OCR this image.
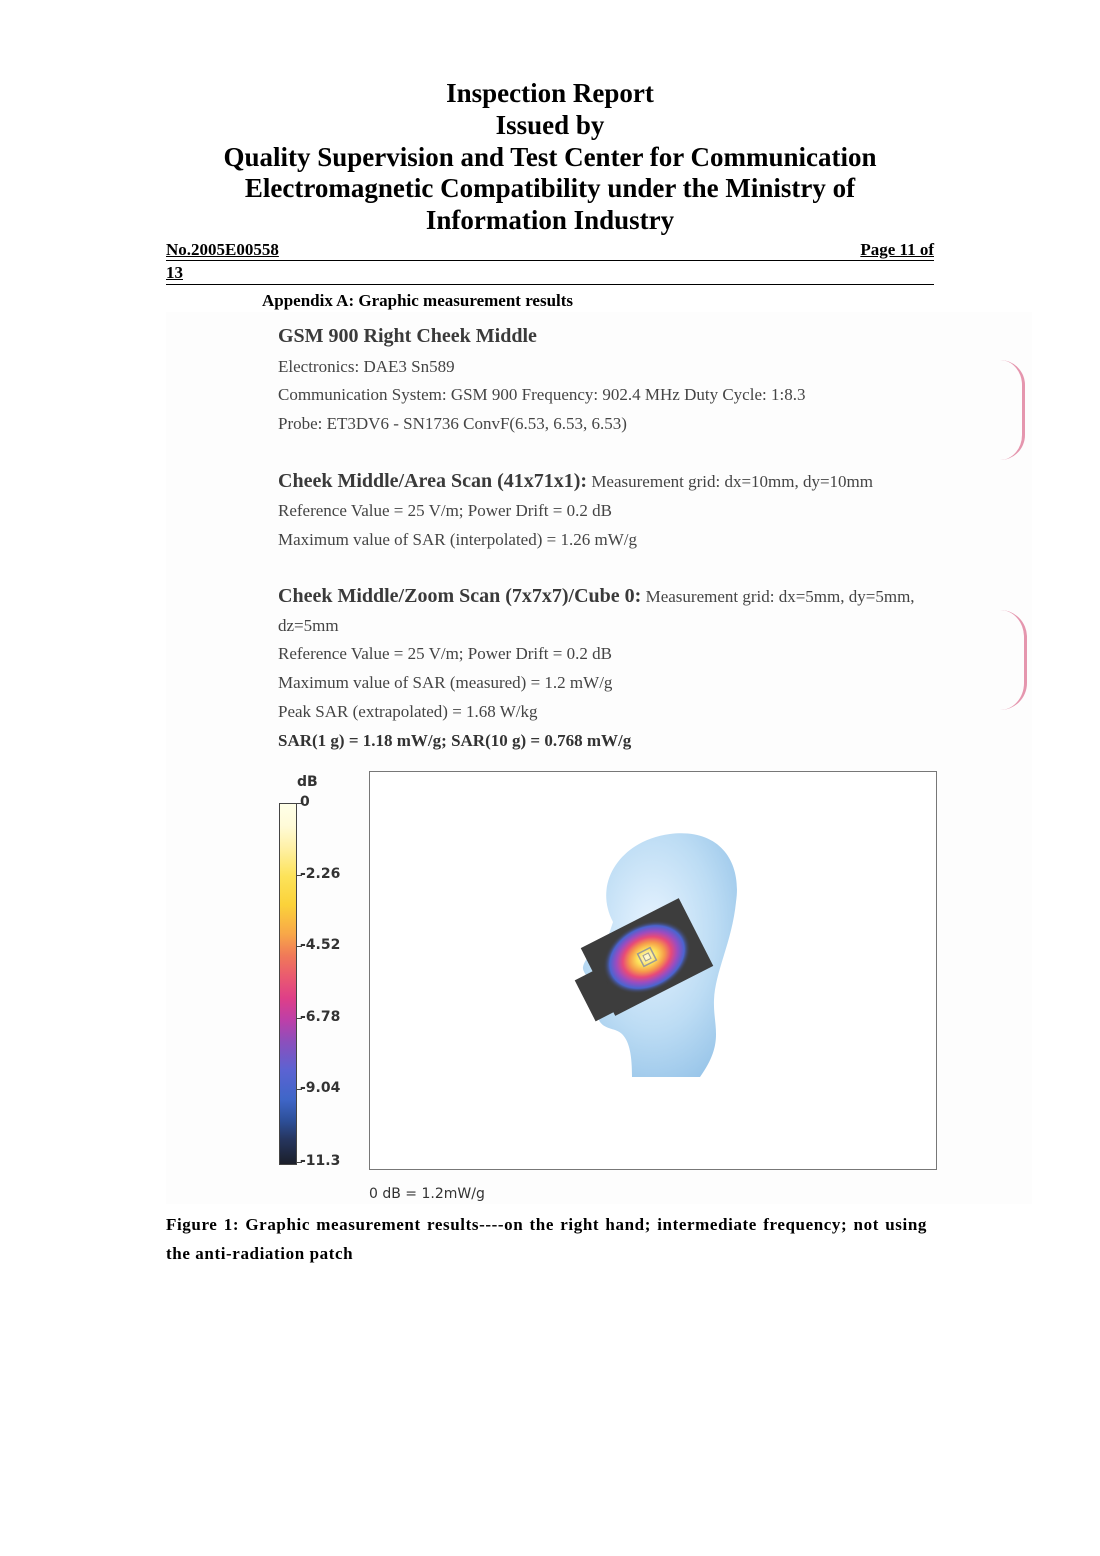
Inspection Report
Issued by
Quality Supervision and Test Center for Communication
Electromagnetic Compatibility under the Ministry of
Information Industry
No.2005E00558	Page 11 of
13
Appendix A: Graphic measurement results
GSM 900 Right Cheek Middle
Electronics: DAE3 Sn589
Communication System: GSM 900 Frequency: 902.4 MHz Duty Cycle: 1:8.3
Probe: ET3DV6 - SN1736 ConvF(6.53, 6.53, 6.53)
Cheek Middle/Area Scan (41x71x1): Measurement grid: dx=10mm, dy=10mm
Reference Value = 25 V/m; Power Drift = 0.2 dB
Maximum value of SAR (interpolated) = 1.26 mW/g
Cheek Middle/Zoom Scan (7x7x7)/Cube 0: Measurement grid: dx=5mm, dy=5mm,
dz=5mm
Reference Value = 25 V/m; Power Drift = 0.2 dB
Maximum value of SAR (measured) = 1.2 mW/g
Peak SAR (extrapolated) = 1.68 W/kg
SAR(1 g) = 1.18 mW/g; SAR(10 g) = 0.768 mW/g
dB
0
-2.26
-4.52
-6.78
-9.04
-11.3
0 dB = 1.2mW/g
Figure 1: Graphic measurement results----on the right hand; intermediate frequency; not using the anti-radiation patch
